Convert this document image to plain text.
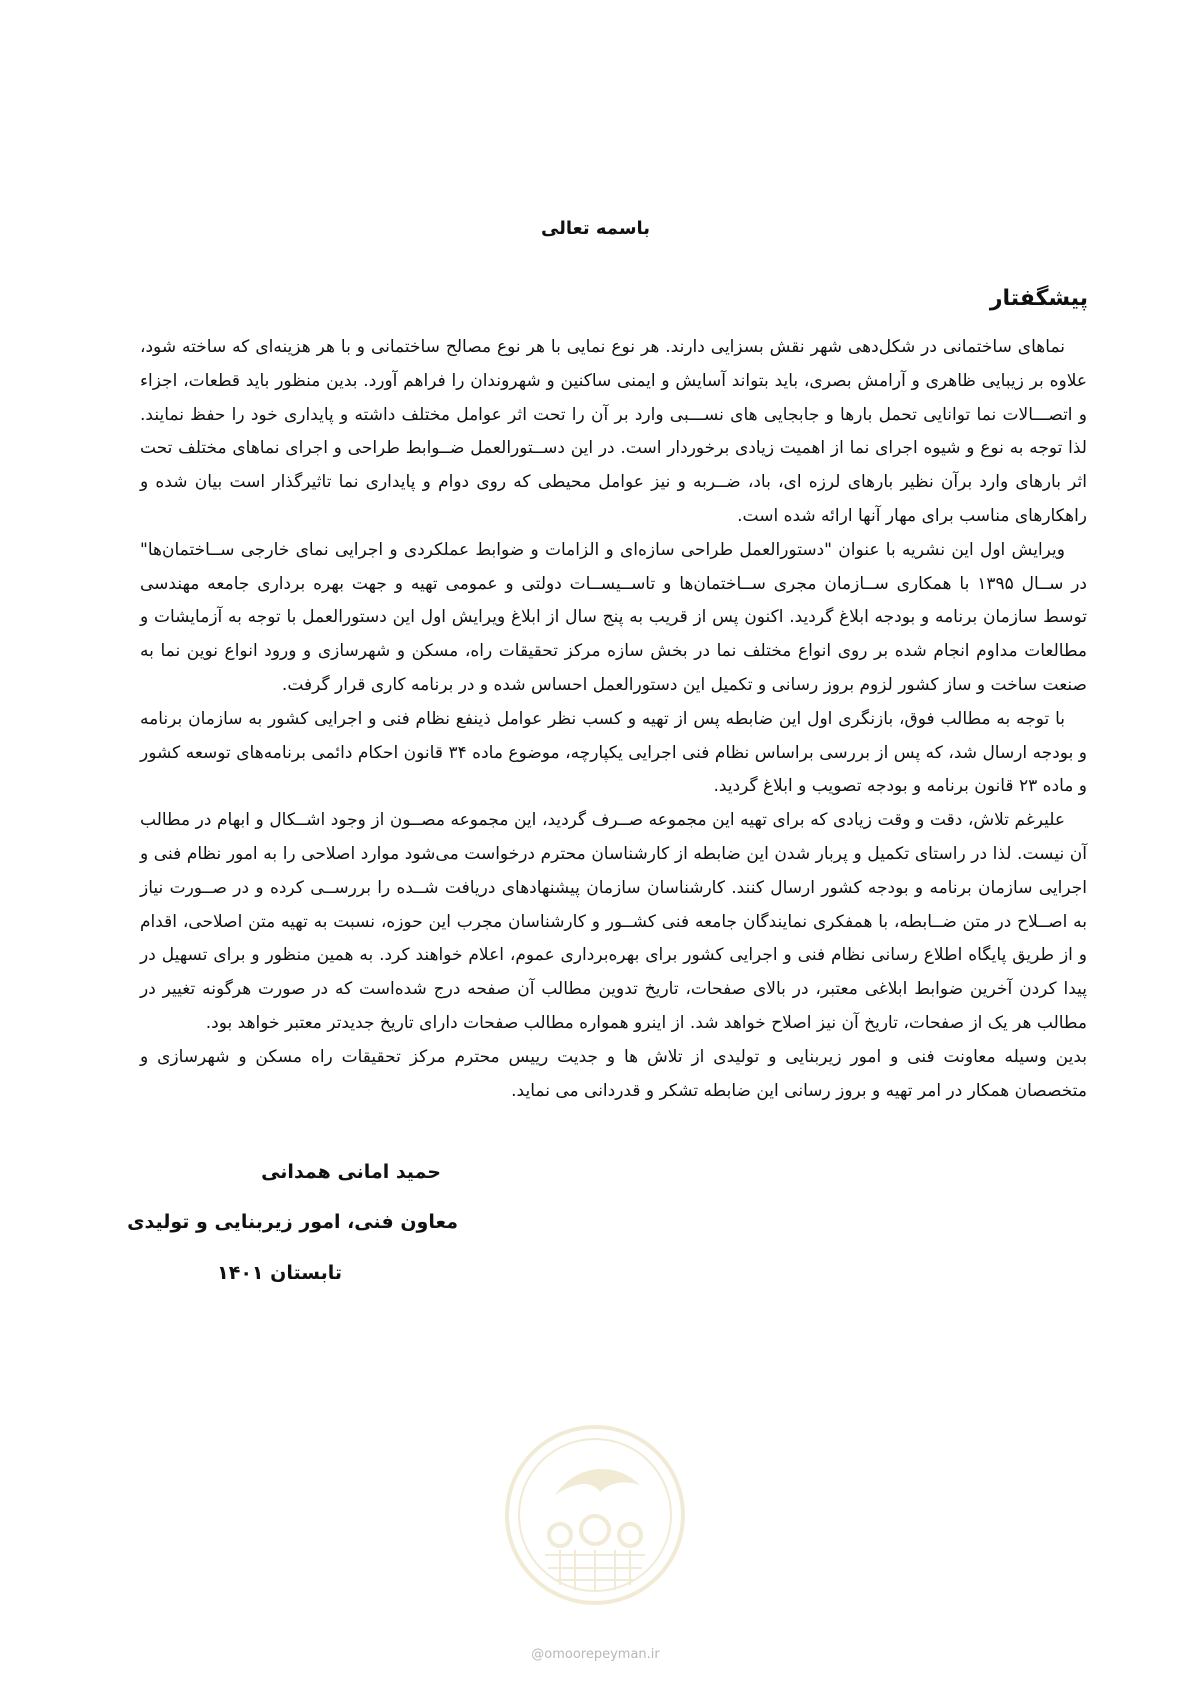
باسمه تعالی
پیشگفتار

نماهای ساختمانی در شکل‌دهی شهر نقش بسزایی دارند. هر نوع نمایی با هر نوع مصالح ساختمانی و با هر هزینه‌ای که ساخته شود، علاوه بر زیبایی ظاهری و آرامش بصری، باید بتواند آسایش و ایمنی ساکنین و شهروندان را فراهم آورد. بدین منظور باید قطعات، اجزاء و اتصـــالات نما توانایی تحمل بارها و جابجایی های نســـبی وارد بر آن را تحت اثر عوامل مختلف داشته و پایداری خود را حفظ نمایند. لذا توجه به نوع و شیوه اجرای نما از اهمیت زیادی برخوردار است. در این دســتورالعمل ضــوابط طراحی و اجرای نماهای مختلف تحت اثر بارهای وارد برآن نظیر بارهای لرزه ای، باد، ضــربه و نیز عوامل محیطی که روی دوام و پایداری نما تاثیرگذار است بیان شده و راهکارهای مناسب برای مهار آنها ارائه شده است.

ویرایش اول این نشریه با عنوان "دستورالعمل طراحی سازه‌ای و الزامات و ضوابط عملکردی و اجرایی نمای خارجی ســاختمان‌ها" در ســال ۱۳۹۵ با همکاری ســازمان مجری ســاختمان‌ها و تاســیســات دولتی و عمومی تهیه و جهت بهره برداری جامعه مهندسی توسط سازمان برنامه و بودجه ابلاغ گردید. اکنون پس از قریب به پنج سال از ابلاغ ویرایش اول این دستورالعمل با توجه به آزمایشات و مطالعات مداوم انجام شده بر روی انواع مختلف نما در بخش سازه مرکز تحقیقات راه، مسکن و شهرسازی و ورود انواع نوین نما به صنعت ساخت و ساز کشور لزوم بروز رسانی و تکمیل این دستورالعمل احساس شده و در برنامه کاری قرار گرفت.

با توجه به مطالب فوق، بازنگری اول این ضابطه پس از تهیه و کسب نظر عوامل ذینفع نظام فنی و اجرایی کشور به سازمان برنامه و بودجه ارسال شد، که پس از بررسی براساس نظام فنی اجرایی یکپارچه، موضوع ماده ۳۴ قانون احکام دائمی برنامه‌های توسعه کشور و ماده ۲۳ قانون برنامه و بودجه تصویب و ابلاغ گردید.

علیرغم تلاش، دقت و وقت زیادی که برای تهیه این مجموعه صــرف گردید، این مجموعه مصــون از وجود اشــکال و ابهام در مطالب آن نیست. لذا در راستای تکمیل و پربار شدن این ضابطه از کارشناسان محترم درخواست می‌شود موارد اصلاحی را به امور نظام فنی و اجرایی سازمان برنامه و بودجه کشور ارسال کنند. کارشناسان سازمان پیشنهادهای دریافت شــده را بررســی کرده و در صــورت نیاز به اصــلاح در متن ضــابطه، با همفکری نمایندگان جامعه فنی کشــور و کارشناسان مجرب این حوزه، نسبت به تهیه متن اصلاحی، اقدام و از طریق پایگاه اطلاع رسانی نظام فنی و اجرایی کشور برای بهره‌برداری عموم، اعلام خواهند کرد. به همین منظور و برای تسهیل در پیدا کردن آخرین ضوابط ابلاغی معتبر، در بالای صفحات، تاریخ تدوین مطالب آن صفحه درج شده‌است که در صورت هرگونه تغییر در مطالب هر یک از صفحات، تاریخ آن نیز اصلاح خواهد شد. از اینرو همواره مطالب صفحات دارای تاریخ جدیدتر معتبر خواهد بود.

بدین وسیله معاونت فنی و امور زیربنایی و تولیدی از تلاش ها و جدیت رییس محترم مرکز تحقیقات راه مسکن و شهرسازی و متخصصان همکار در امر تهیه و بروز رسانی این ضابطه تشکر و قدردانی می نماید.

حمید امانی همدانی
معاون فنی، امور زیربنایی و تولیدی
تابستان ۱۴۰۱
@omoorepeyman.ir
